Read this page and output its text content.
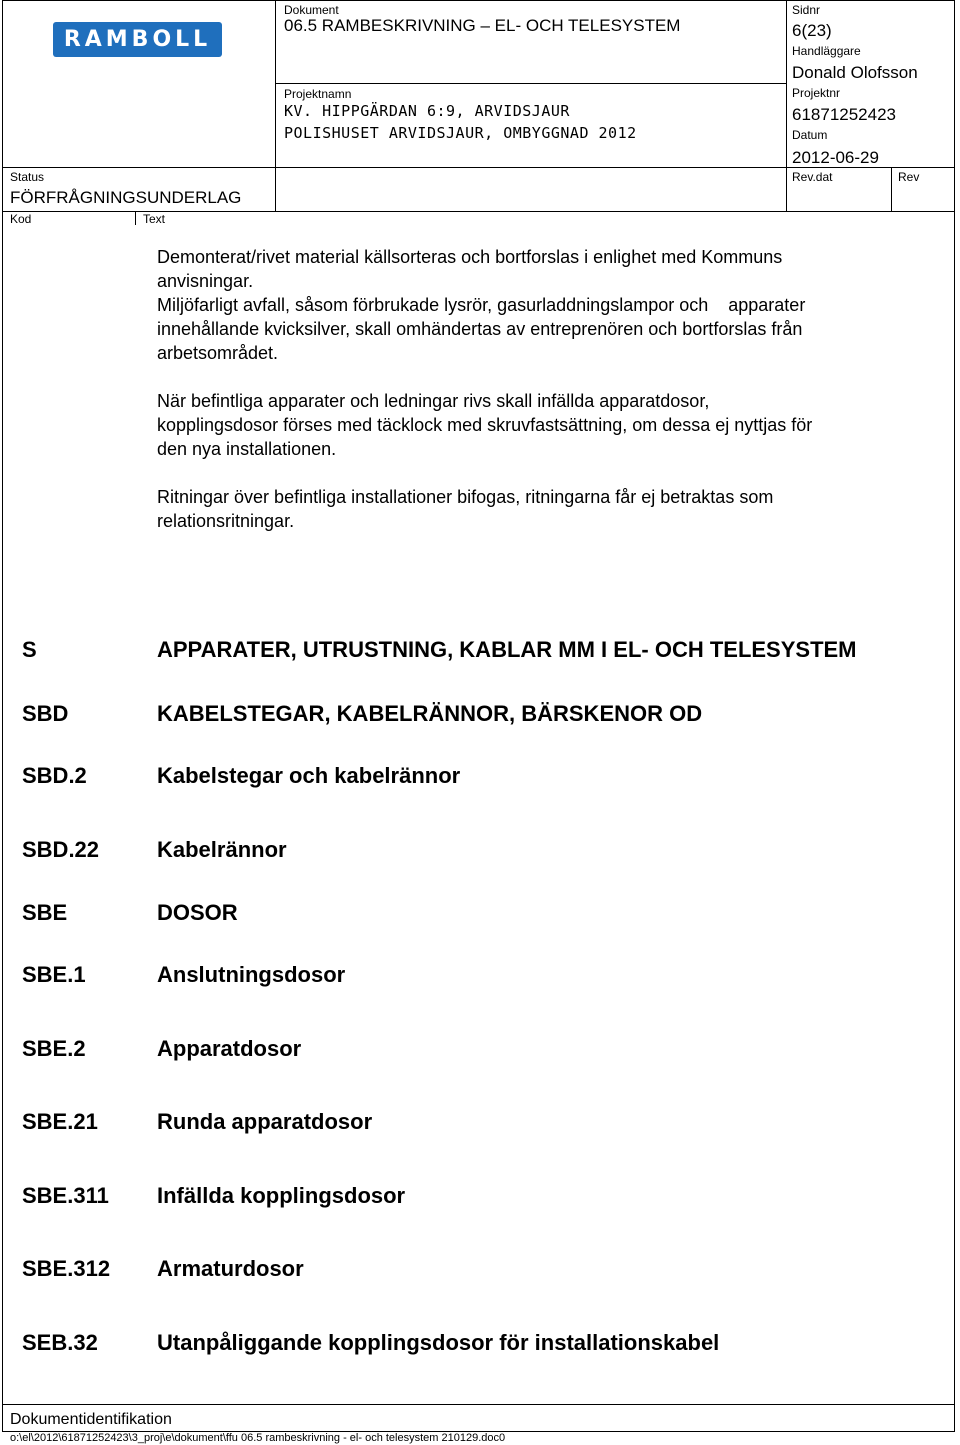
RAMBOLL
Dokument
06.5 RAMBESKRIVNING – EL- OCH TELESYSTEM
Projektnamn
KV. HIPPGÄRDAN 6:9, ARVIDSJAUR
POLISHUSET ARVIDSJAUR, OMBYGGNAD 2012
Sidnr
6(23)
Handläggare
Donald Olofsson
Projektnr
61871252423
Datum
2012-06-29
Status
FÖRFRÅGNINGSUNDERLAG
Rev.dat	Rev
Kod	Text
Demonterat/rivet material källsorteras och bortforslas i enlighet med Kommuns
anvisningar.
Miljöfarligt avfall, såsom förbrukade lysrör, gasurladdningslampor och    apparater
innehållande kvicksilver, skall omhändertas av entreprenören och bortforslas från
arbetsområdet.
När befintliga apparater och ledningar rivs skall infällda apparatdosor,
kopplingsdosor förses med täcklock med skruvfastsättning, om dessa ej nyttjas för
den nya installationen.
Ritningar över befintliga installationer bifogas, ritningarna får ej betraktas som
relationsritningar.
S	APPARATER, UTRUSTNING, KABLAR MM I EL- OCH TELESYSTEM
SBD	KABELSTEGAR, KABELRÄNNOR, BÄRSKENOR OD
SBD.2	Kabelstegar och kabelrännor
SBD.22	Kabelrännor
SBE	DOSOR
SBE.1	Anslutningsdosor
SBE.2	Apparatdosor
SBE.21	Runda apparatdosor
SBE.311 Infällda kopplingsdosor
SBE.312 Armaturdosor
SEB.32	Utanpåliggande kopplingsdosor för installationskabel
Dokumentidentifikation
o:\el\2012\61871252423\3_proj\e\dokument\ffu 06.5 rambeskrivning - el- och telesystem 210129.doc0
